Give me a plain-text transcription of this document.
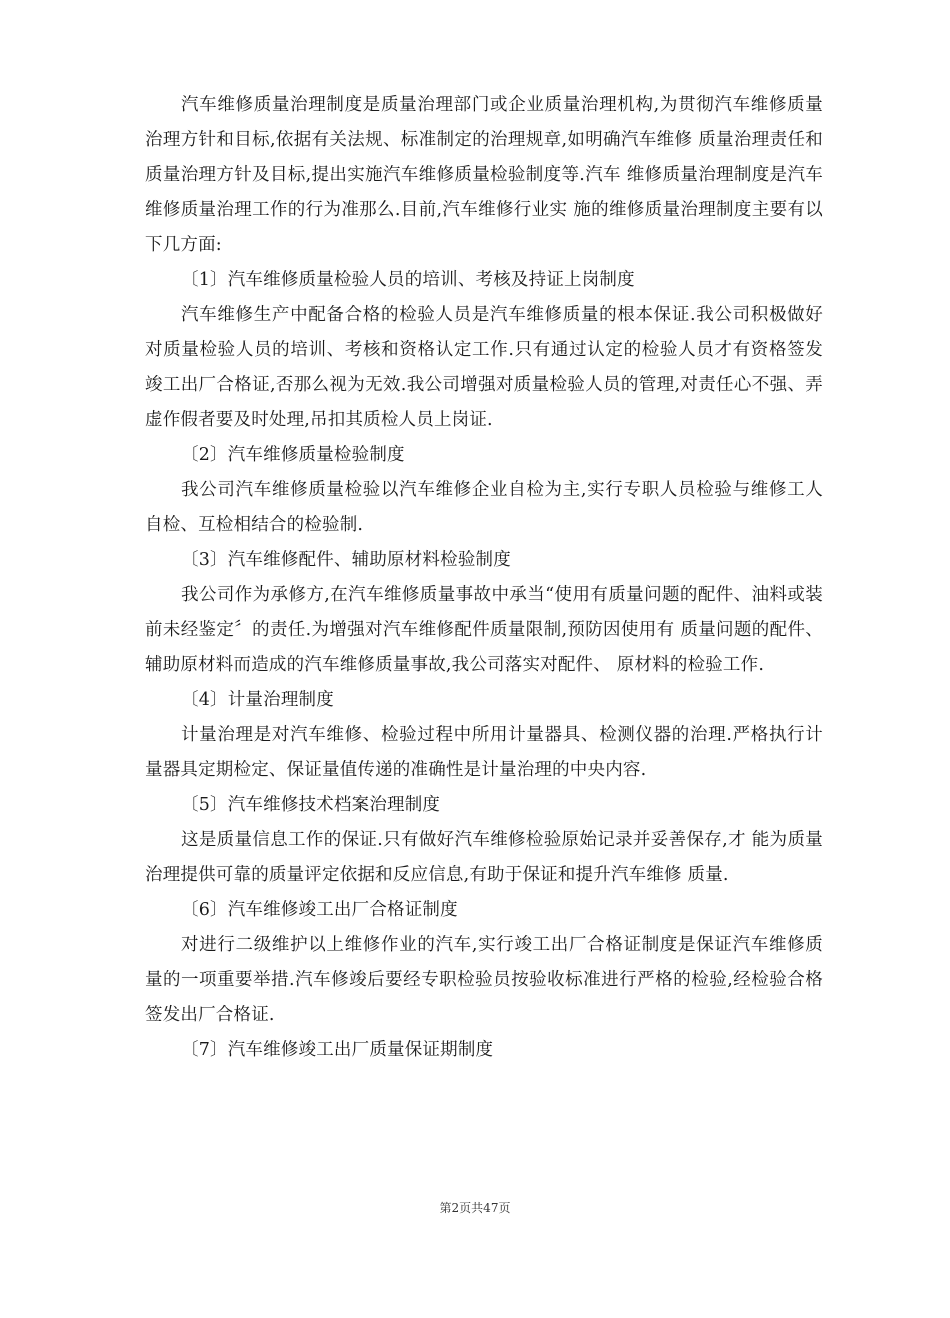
汽车维修质量治理制度是质量治理部门或企业质量治理机构,为贯彻汽车维修质量治理方针和目标,依据有关法规、标准制定的治理规章,如明确汽车维修 质量治理责任和质量治理方针及目标,提出实施汽车维修质量检验制度等.汽车 维修质量治理制度是汽车维修质量治理工作的行为准那么.目前,汽车维修行业实 施的维修质量治理制度主要有以下几方面:

〔1〕汽车维修质量检验人员的培训、考核及持证上岗制度

汽车维修生产中配备合格的检验人员是汽车维修质量的根本保证.我公司积极做好对质量检验人员的培训、考核和资格认定工作.只有通过认定的检验人员才有资格签发竣工出厂合格证,否那么视为无效.我公司增强对质量检验人员的管理,对责任心不强、弄虚作假者要及时处理,吊扣其质检人员上岗证.

〔2〕汽车维修质量检验制度

我公司汽车维修质量检验以汽车维修企业自检为主,实行专职人员检验与维修工人自检、互检相结合的检验制.

〔3〕汽车维修配件、辅助原材料检验制度

我公司作为承修方,在汽车维修质量事故中承当“使用有质量问题的配件、油料或装前未经鉴定〞的责任.为增强对汽车维修配件质量限制,预防因使用有 质量问题的配件、辅助原材料而造成的汽车维修质量事故,我公司落实对配件、 原材料的检验工作.

〔4〕计量治理制度

计量治理是对汽车维修、检验过程中所用计量器具、检测仪器的治理.严格执行计量器具定期检定、保证量值传递的准确性是计量治理的中央内容.

〔5〕汽车维修技术档案治理制度

这是质量信息工作的保证.只有做好汽车维修检验原始记录并妥善保存,才 能为质量治理提供可靠的质量评定依据和反应信息,有助于保证和提升汽车维修 质量.

〔6〕汽车维修竣工出厂合格证制度

对进行二级维护以上维修作业的汽车,实行竣工出厂合格证制度是保证汽车维修质量的一项重要举措.汽车修竣后要经专职检验员按验收标准进行严格的检验,经检验合格签发出厂合格证.

〔7〕汽车维修竣工出厂质量保证期制度

第2页共47页
